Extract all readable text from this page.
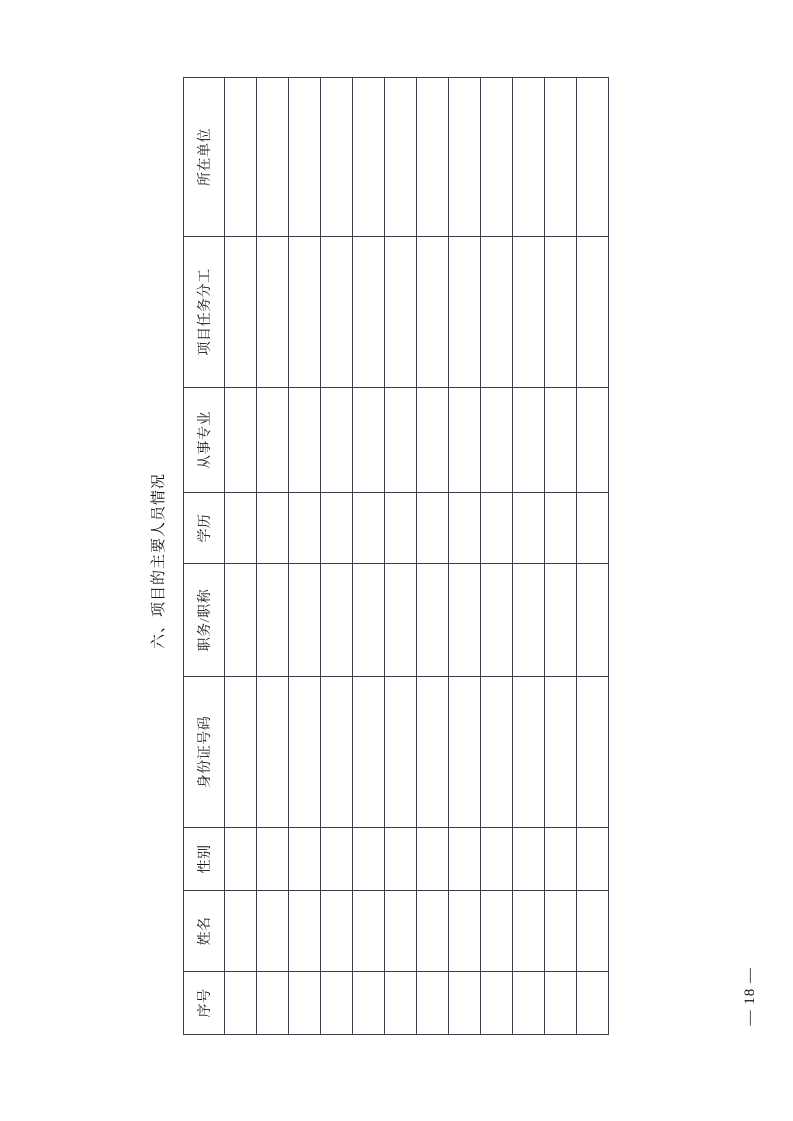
六、项目的主要人员情况
序号	姓名	性别	身份证号码	职务/职称	学历	从事专业	项目任务分工	所在单位

— 18 —
